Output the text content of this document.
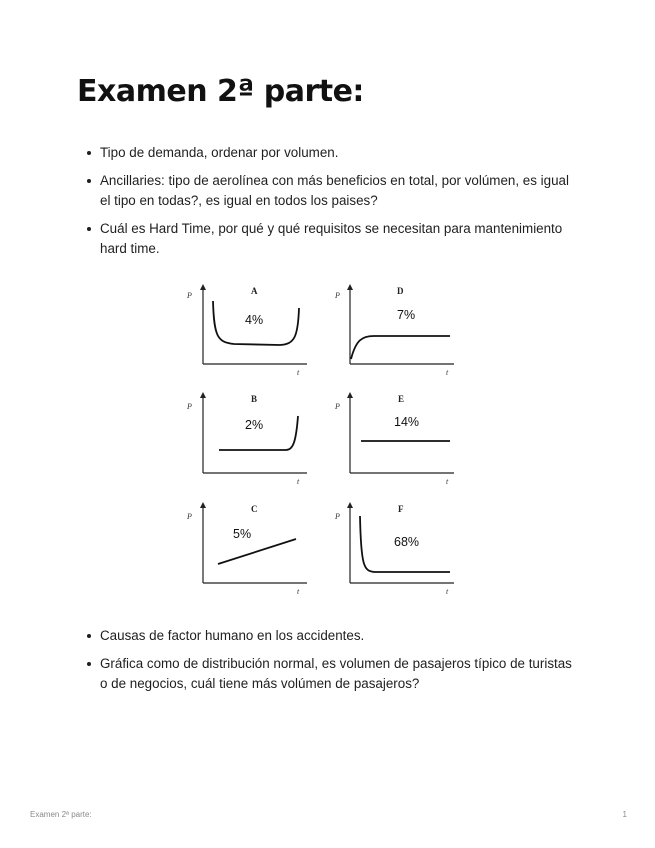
Examen 2ª parte:
Tipo de demanda, ordenar por volumen.
Ancillaries: tipo de aerolínea con más beneficios en total, por volúmen, es igual el tipo en todas?, es igual en todos los paises?
Cuál es Hard Time, por qué y qué requisitos se necesitan para mantenimiento hard time.
P
t
A
4%
P
t
D
7%
P
t
B
2%
P
t
E
14%
P
t
C
5%
P
t
F
68%
Causas de factor humano en los accidentes.
Gráfica como de distribución normal, es volumen de pasajeros típico de turistas o de negocios, cuál tiene más volúmen de pasajeros?
Examen 2ª parte:	1
